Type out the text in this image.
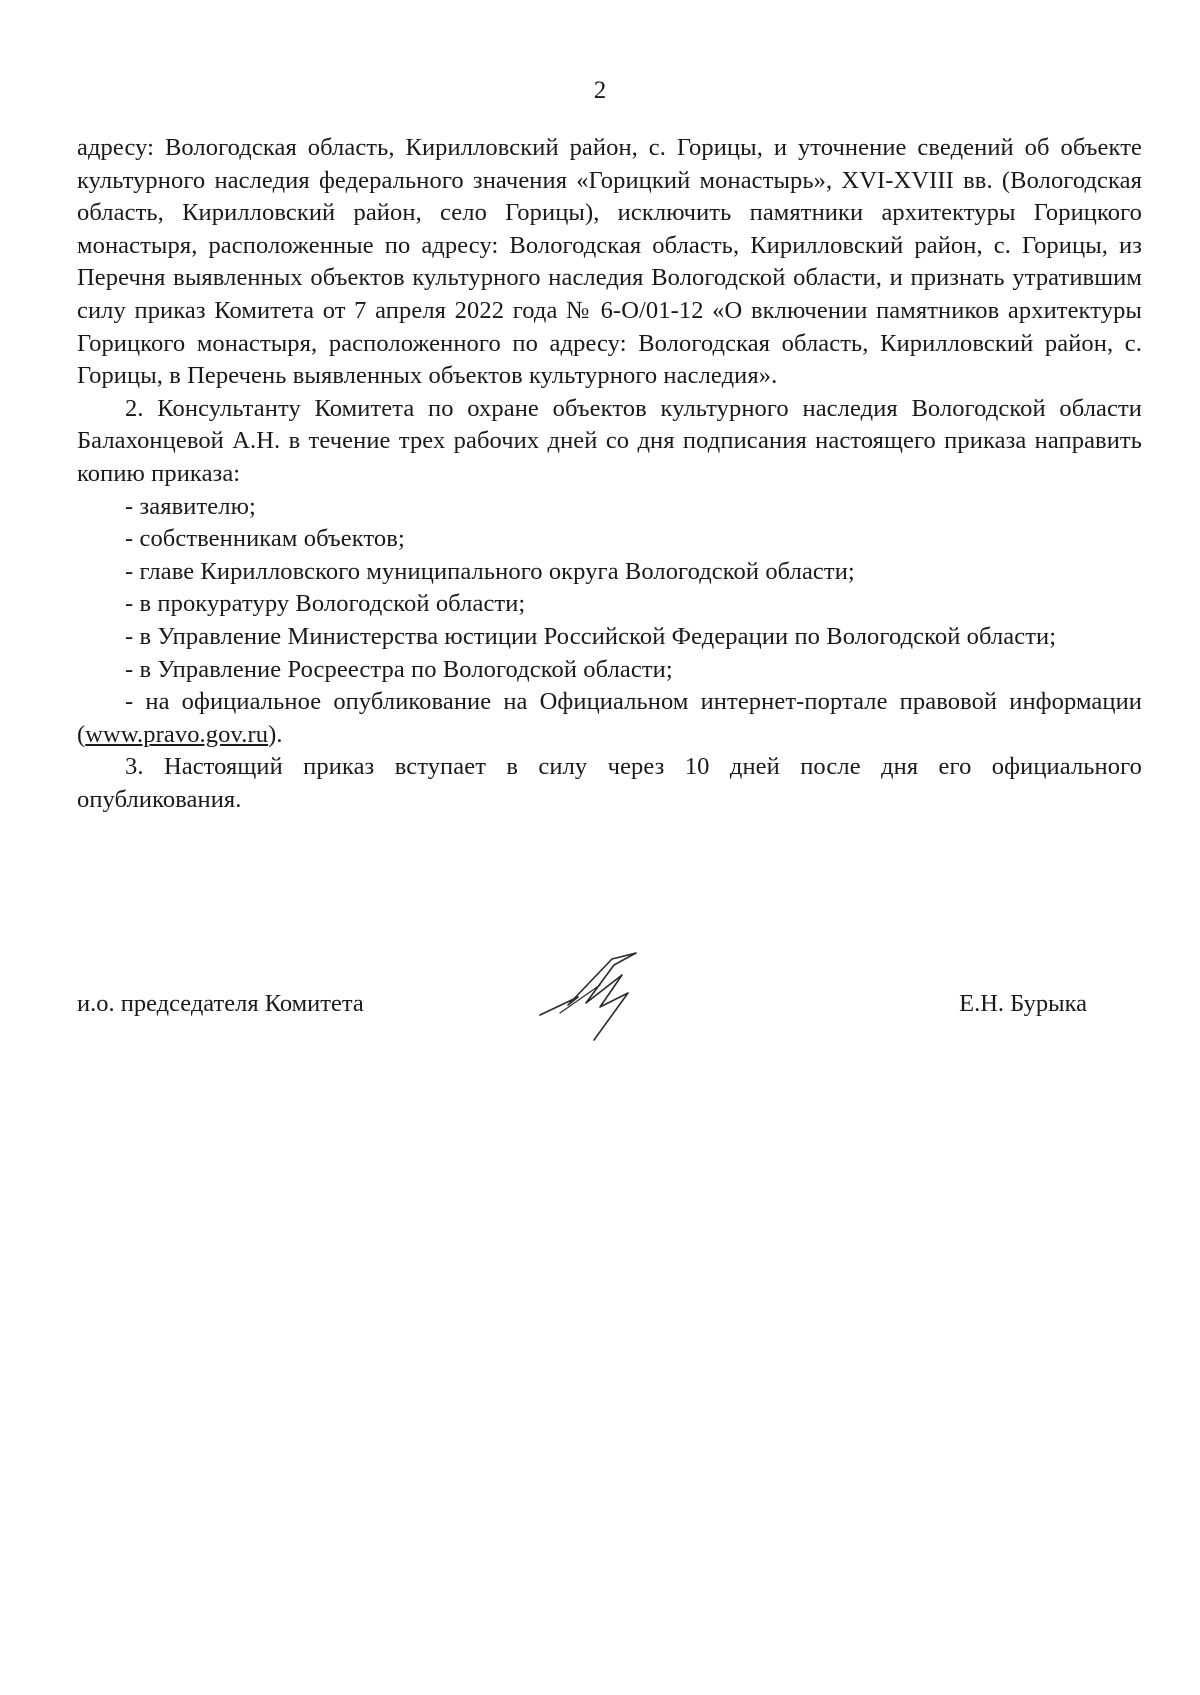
2

адресу: Вологодская область, Кирилловский район, с. Горицы, и уточнение сведений об объекте культурного наследия федерального значения «Горицкий монастырь», XVI-XVIII вв. (Вологодская область, Кирилловский район, село Горицы), исключить памятники архитектуры Горицкого монастыря, расположенные по адресу: Вологодская область, Кирилловский район, с. Горицы, из Перечня выявленных объектов культурного наследия Вологодской области, и признать утратившим силу приказ Комитета от 7 апреля 2022 года № 6-О/01-12 «О включении памятников архитектуры Горицкого монастыря, расположенного по адресу: Вологодская область, Кирилловский район, с. Горицы, в Перечень выявленных объектов культурного наследия».

2. Консультанту Комитета по охране объектов культурного наследия Вологодской области Балахонцевой А.Н. в течение трех рабочих дней со дня подписания настоящего приказа направить копию приказа:

- заявителю;

- собственникам объектов;

- главе Кирилловского муниципального округа Вологодской области;

- в прокуратуру Вологодской области;

- в Управление Министерства юстиции Российской Федерации по Вологодской области;

- в Управление Росреестра по Вологодской области;

- на официальное опубликование на Официальном интернет-портале правовой информации (www.pravo.gov.ru).

3. Настоящий приказ вступает в силу через 10 дней после дня его официального опубликования.

и.о. председателя Комитета	Е.Н. Бурыка
